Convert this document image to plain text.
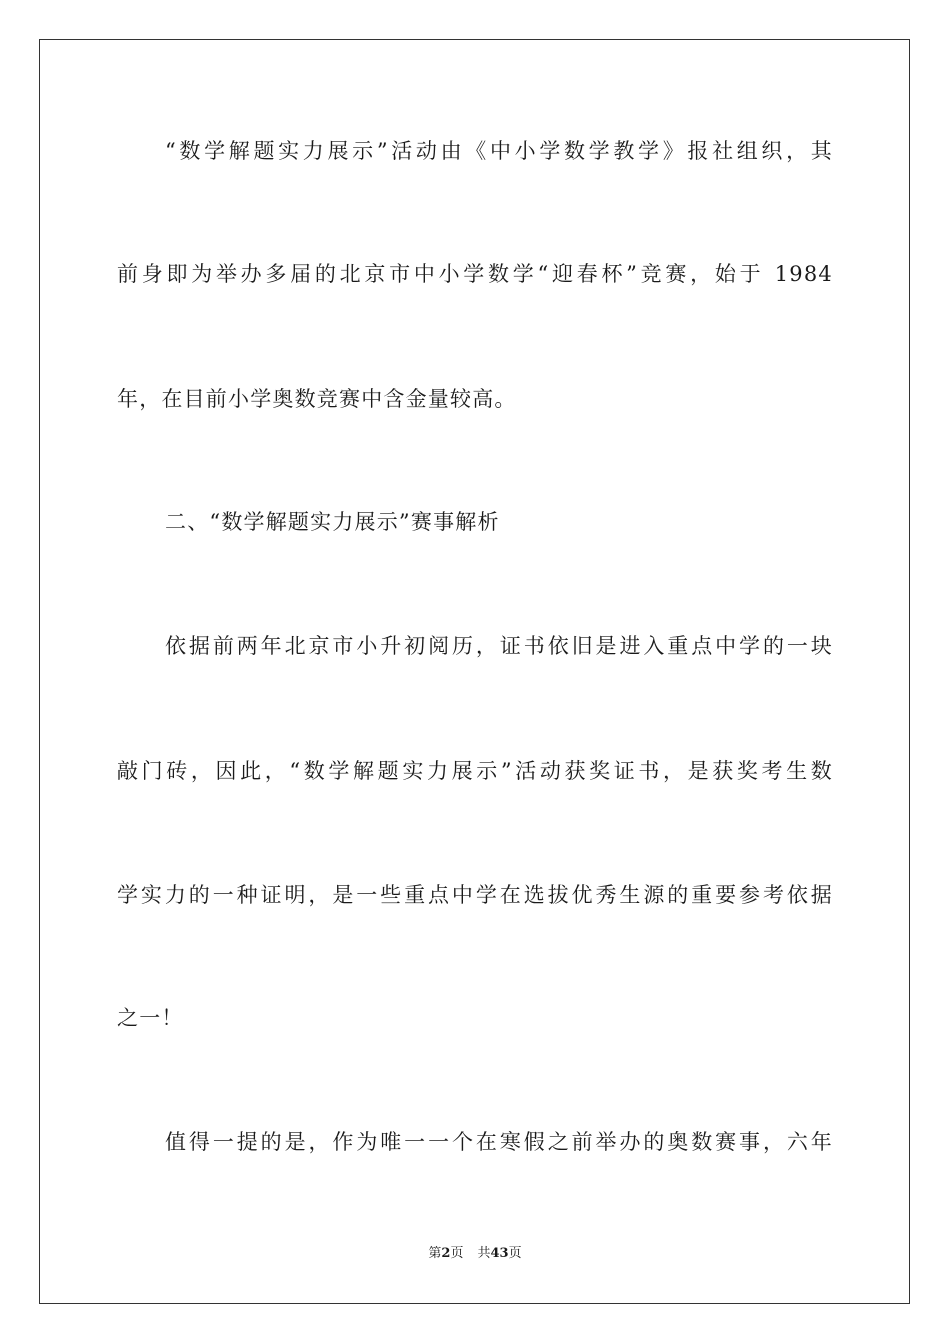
“数学解题实力展示”活动由《中小学数学教学》报社组织，其
前身即为举办多届的北京市中小学数学“迎春杯”竞赛，始于 1984
年，在目前小学奥数竞赛中含金量较高。
二、“数学解题实力展示”赛事解析
依据前两年北京市小升初阅历，证书依旧是进入重点中学的一块
敲门砖，因此，“数学解题实力展示”活动获奖证书，是获奖考生数
学实力的一种证明，是一些重点中学在选拔优秀生源的重要参考依据
之一！
值得一提的是，作为唯一一个在寒假之前举办的奥数赛事，六年
第2页 共43页
